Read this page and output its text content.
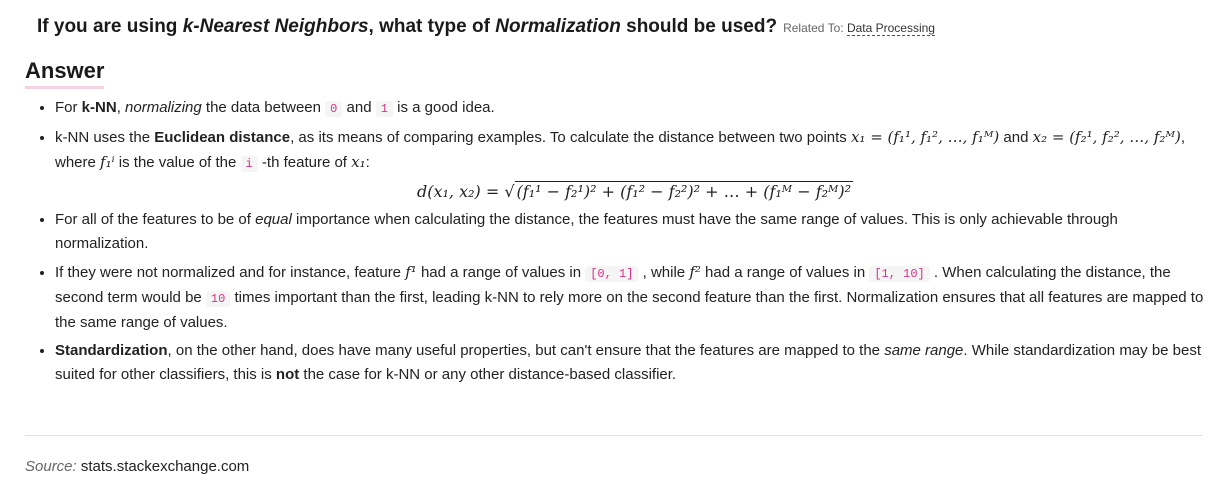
If you are using k-Nearest Neighbors, what type of Normalization should be used? Related To: Data Processing
Answer
• For k-NN, normalizing the data between 0 and 1 is a good idea.
• k-NN uses the Euclidean distance, as its means of comparing examples. To calculate the distance between two points x₁ = (f₁¹, f₁², …, f₁ᴹ) and x₂ = (f₂¹, f₂², …, f₂ᴹ), where f₁ⁱ is the value of the i -th feature of x₁:
d(x₁, x₂) = √ (f₁¹ − f₂¹)² + (f₁² − f₂²)² + … + (f₁ᴹ − f₂ᴹ)²
• For all of the features to be of equal importance when calculating the distance, the features must have the same range of values. This is only achievable through normalization.
• If they were not normalized and for instance, feature f¹ had a range of values in [0, 1] , while f² had a range of values in [1, 10] . When calculating the distance, the second term would be 10 times important than the first, leading k-NN to rely more on the second feature than the first. Normalization ensures that all features are mapped to the same range of values.
• Standardization, on the other hand, does have many useful properties, but can't ensure that the features are mapped to the same range. While standardization may be best suited for other classifiers, this is not the case for k-NN or any other distance-based classifier.
Source: stats.stackexchange.com
